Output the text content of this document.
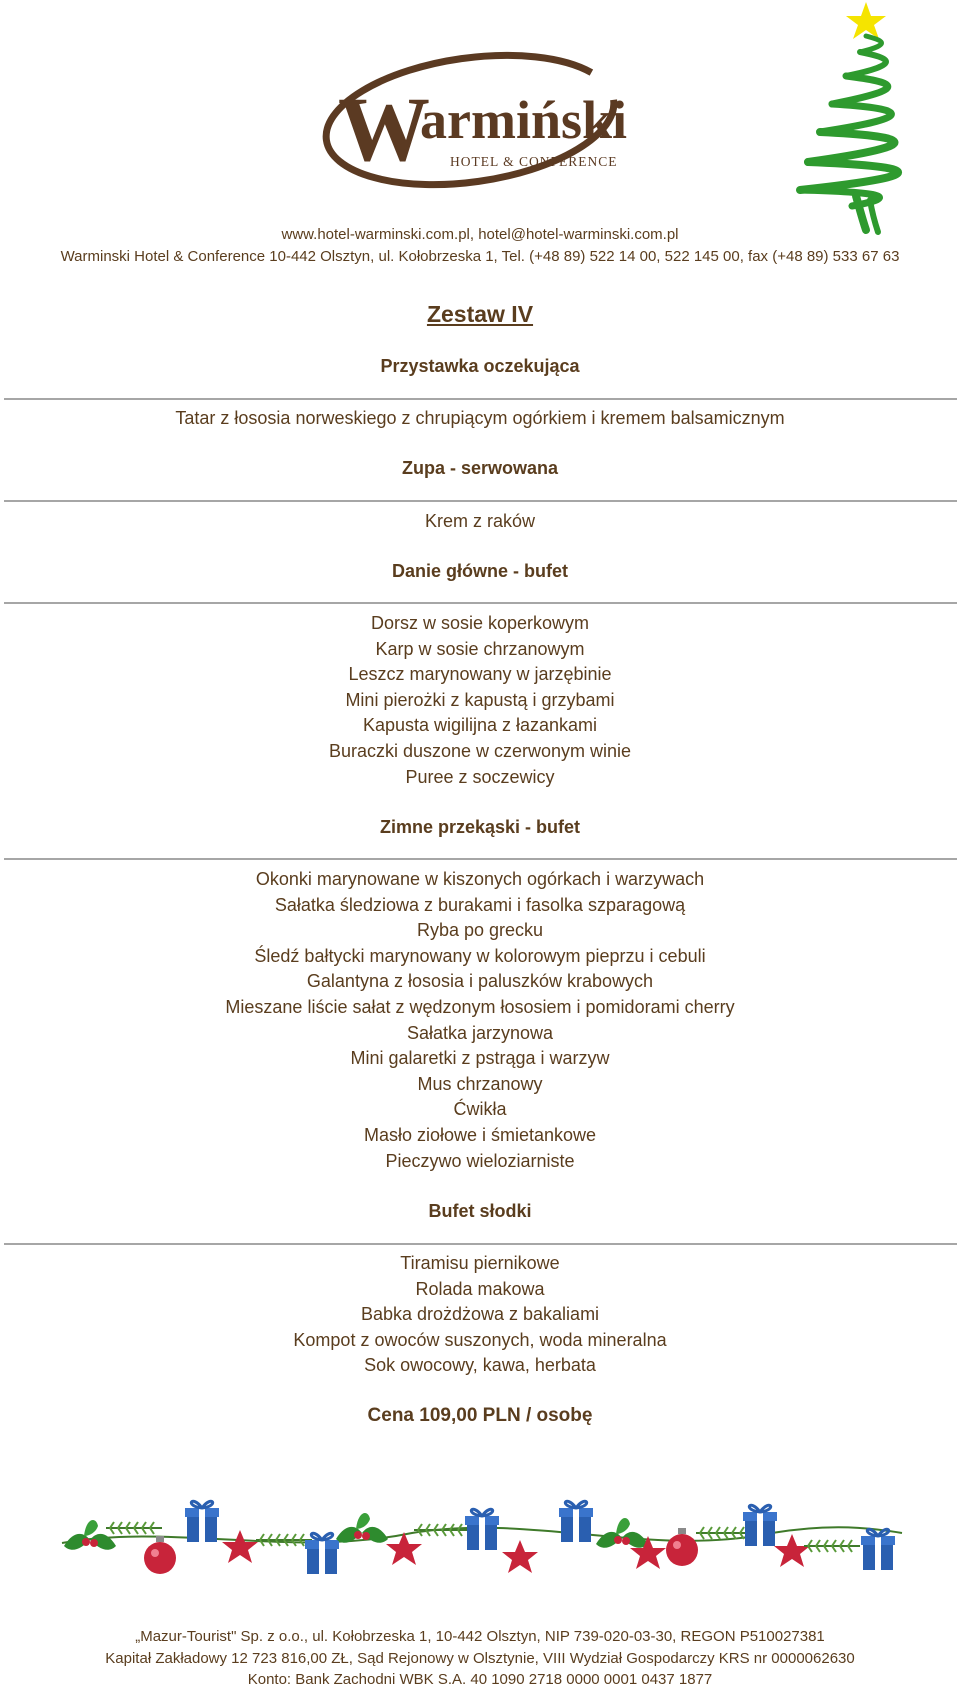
W
armiński
HOTEL & CONFERENCE
www.hotel-warminski.com.pl, hotel@hotel-warminski.com.pl
Warminski Hotel & Conference 10-442 Olsztyn, ul. Kołobrzeska 1, Tel. (+48 89) 522 14 00, 522 145 00, fax (+48 89) 533 67 63
Zestaw IV
Przystawka oczekująca
Tatar z łososia norweskiego z chrupiącym ogórkiem i kremem balsamicznym
Zupa - serwowana
Krem z raków
Danie główne - bufet
Dorsz w sosie koperkowym
Karp w sosie chrzanowym
Leszcz marynowany w jarzębinie
Mini pierożki z kapustą i grzybami
Kapusta wigilijna z łazankami
Buraczki duszone w czerwonym winie
Puree z soczewicy
Zimne przekąski - bufet
Okonki marynowane w kiszonych ogórkach i warzywach
Sałatka śledziowa z burakami i fasolka szparagową
Ryba po grecku
Śledź bałtycki marynowany w kolorowym pieprzu i cebuli
Galantyna z łososia i paluszków krabowych
Mieszane liście sałat z wędzonym łososiem i pomidorami cherry
Sałatka jarzynowa
Mini galaretki z pstrąga i warzyw
Mus chrzanowy
Ćwikła
Masło ziołowe i śmietankowe
Pieczywo wieloziarniste
Bufet słodki
Tiramisu piernikowe
Rolada makowa
Babka drożdżowa z bakaliami
Kompot z owoców suszonych, woda mineralna
Sok owocowy, kawa, herbata
Cena 109,00 PLN / osobę
„Mazur-Tourist" Sp. z o.o., ul. Kołobrzeska 1, 10-442 Olsztyn, NIP 739-020-03-30, REGON P510027381
Kapitał Zakładowy 12 723 816,00 ZŁ, Sąd Rejonowy w Olsztynie, VIII Wydział Gospodarczy KRS nr 0000062630
Konto: Bank Zachodni WBK S.A. 40 1090 2718 0000 0001 0437 1877
